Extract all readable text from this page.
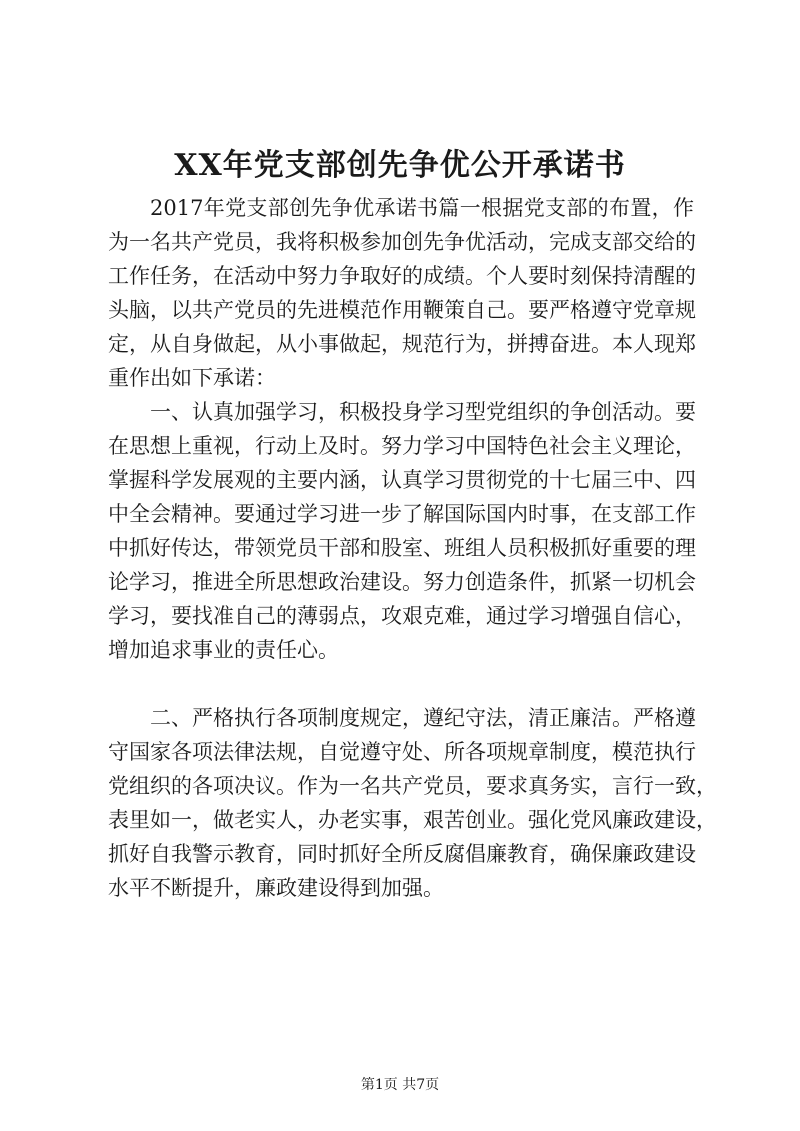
XX年党支部创先争优公开承诺书
2017年党支部创先争优承诺书篇一根据党支部的布置，作
为一名共产党员，我将积极参加创先争优活动，完成支部交给的
工作任务，在活动中努力争取好的成绩。个人要时刻保持清醒的
头脑，以共产党员的先进模范作用鞭策自己。要严格遵守党章规
定，从自身做起，从小事做起，规范行为，拼搏奋进。本人现郑
重作出如下承诺：
一、认真加强学习，积极投身学习型党组织的争创活动。要
在思想上重视，行动上及时。努力学习中国特色社会主义理论，
掌握科学发展观的主要内涵，认真学习贯彻党的十七届三中、四
中全会精神。要通过学习进一步了解国际国内时事，在支部工作
中抓好传达，带领党员干部和股室、班组人员积极抓好重要的理
论学习，推进全所思想政治建设。努力创造条件，抓紧一切机会
学习，要找准自己的薄弱点，攻艰克难，通过学习增强自信心，
增加追求事业的责任心。
二、严格执行各项制度规定，遵纪守法，清正廉洁。严格遵
守国家各项法律法规，自觉遵守处、所各项规章制度，模范执行
党组织的各项决议。作为一名共产党员，要求真务实，言行一致，
表里如一，做老实人，办老实事，艰苦创业。强化党风廉政建设，
抓好自我警示教育，同时抓好全所反腐倡廉教育，确保廉政建设
水平不断提升，廉政建设得到加强。
第1页 共7页
